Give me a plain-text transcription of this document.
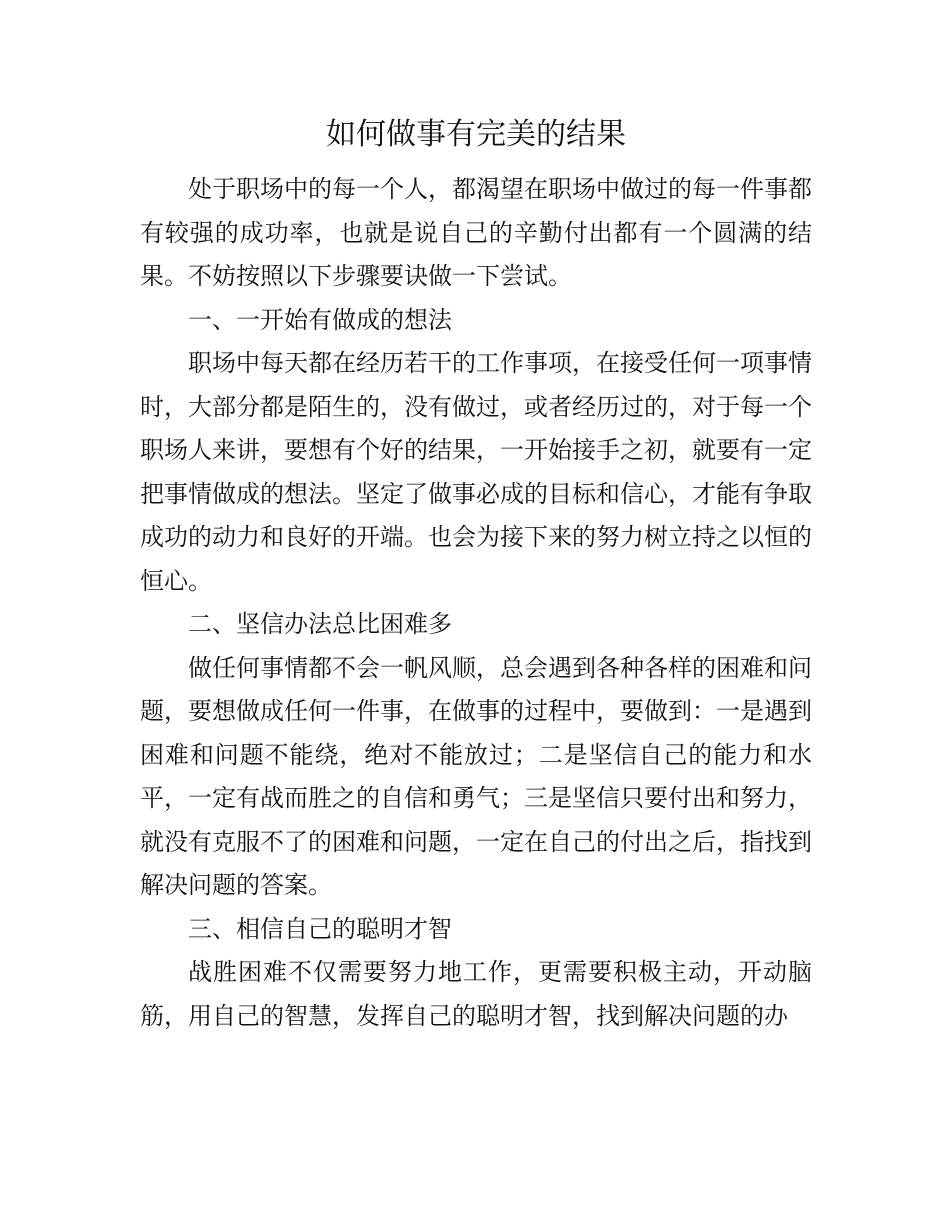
如何做事有完美的结果

处于职场中的每一个人，都渴望在职场中做过的每一件事都有较强的成功率，也就是说自己的辛勤付出都有一个圆满的结果。不妨按照以下步骤要诀做一下尝试。

一、一开始有做成的想法

职场中每天都在经历若干的工作事项，在接受任何一项事情时，大部分都是陌生的，没有做过，或者经历过的，对于每一个职场人来讲，要想有个好的结果，一开始接手之初，就要有一定把事情做成的想法。坚定了做事必成的目标和信心，才能有争取成功的动力和良好的开端。也会为接下来的努力树立持之以恒的恒心。

二、坚信办法总比困难多

做任何事情都不会一帆风顺，总会遇到各种各样的困难和问题，要想做成任何一件事，在做事的过程中，要做到：一是遇到困难和问题不能绕，绝对不能放过；二是坚信自己的能力和水平，一定有战而胜之的自信和勇气；三是坚信只要付出和努力，就没有克服不了的困难和问题，一定在自己的付出之后，指找到解决问题的答案。

三、相信自己的聪明才智

战胜困难不仅需要努力地工作，更需要积极主动，开动脑筋，用自己的智慧，发挥自己的聪明才智，找到解决问题的办
